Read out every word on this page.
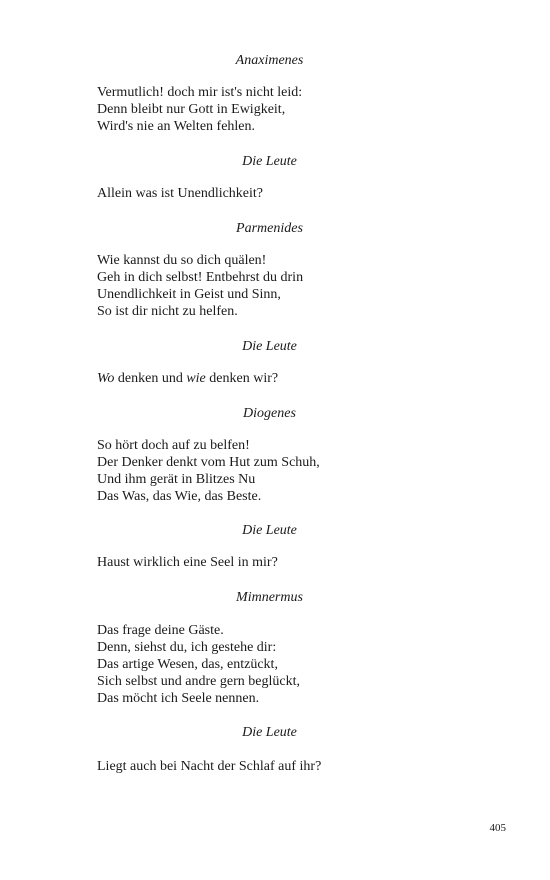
Anaximenes
Vermutlich! doch mir ist's nicht leid:
Denn bleibt nur Gott in Ewigkeit,
Wird's nie an Welten fehlen.
Die Leute
Allein was ist Unendlichkeit?
Parmenides
Wie kannst du so dich quälen!
Geh in dich selbst! Entbehrst du drin
Unendlichkeit in Geist und Sinn,
So ist dir nicht zu helfen.
Die Leute
Wo denken und wie denken wir?
Diogenes
So hört doch auf zu belfen!
Der Denker denkt vom Hut zum Schuh,
Und ihm gerät in Blitzes Nu
Das Was, das Wie, das Beste.
Die Leute
Haust wirklich eine Seel in mir?
Mimnermus
Das frage deine Gäste.
Denn, siehst du, ich gestehe dir:
Das artige Wesen, das, entzückt,
Sich selbst und andre gern beglückt,
Das möcht ich Seele nennen.
Die Leute
Liegt auch bei Nacht der Schlaf auf ihr?
405
